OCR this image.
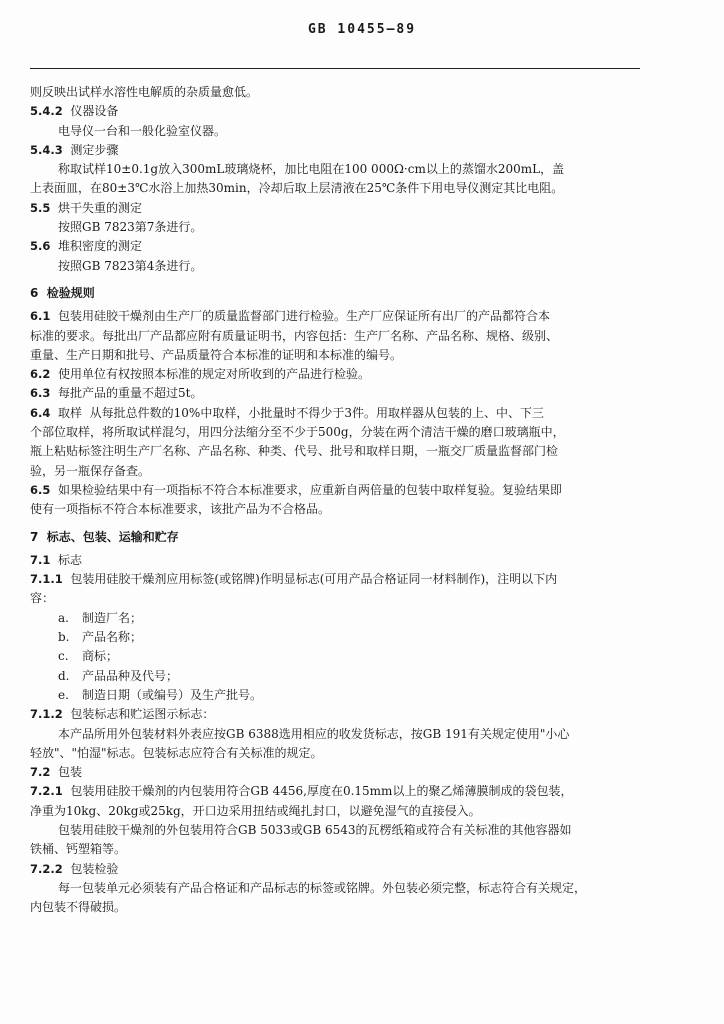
GB 10455—89

则反映出试样水溶性电解质的杂质量愈低。

5.4.2 仪器设备

电导仪一台和一般化验室仪器。

5.4.3 测定步骤

称取试样10±0.1g放入300mL玻璃烧杯，加比电阻在100 000Ω·cm以上的蒸馏水200mL，盖

上表面皿，在80±3℃水浴上加热30min，冷却后取上层清液在25℃条件下用电导仪测定其比电阻。

5.5 烘干失重的测定

按照GB 7823第7条进行。

5.6 堆积密度的测定

按照GB 7823第4条进行。

6 检验规则

6.1 包装用硅胶干燥剂由生产厂的质量监督部门进行检验。生产厂应保证所有出厂的产品都符合本

标准的要求。每批出厂产品都应附有质量证明书，内容包括：生产厂名称、产品名称、规格、级别、

重量、生产日期和批号、产品质量符合本标准的证明和本标准的编号。

6.2 使用单位有权按照本标准的规定对所收到的产品进行检验。

6.3 每批产品的重量不超过5t。

6.4 取样  从每批总件数的10%中取样，小批量时不得少于3件。用取样器从包装的上、中、下三

个部位取样，将所取试样混匀，用四分法缩分至不少于500g，分装在两个清洁干燥的磨口玻璃瓶中，

瓶上粘贴标签注明生产厂名称、产品名称、种类、代号、批号和取样日期，一瓶交厂质量监督部门检

验，另一瓶保存备查。

6.5 如果检验结果中有一项指标不符合本标准要求，应重新自两倍量的包装中取样复验。复验结果即

使有一项指标不符合本标准要求，该批产品为不合格品。

7 标志、包装、运输和贮存

7.1 标志

7.1.1 包装用硅胶干燥剂应用标签(或铭牌)作明显标志(可用产品合格证同一材料制作)，注明以下内

容：

a. 制造厂名；

b. 产品名称；

c. 商标；

d. 产品品种及代号；

e. 制造日期（或编号）及生产批号。

7.1.2 包装标志和贮运图示标志：

本产品所用外包装材料外表应按GB 6388选用相应的收发货标志，按GB 191有关规定使用"小心

轻放"、"怕湿"标志。包装标志应符合有关标准的规定。

7.2 包装

7.2.1 包装用硅胶干燥剂的内包装用符合GB 4456,厚度在0.15mm以上的聚乙烯薄膜制成的袋包装，

净重为10kg、20kg或25kg，开口边采用扭结或绳扎封口，以避免湿气的直接侵入。

包装用硅胶干燥剂的外包装用符合GB 5033或GB 6543的瓦楞纸箱或符合有关标准的其他容器如

铁桶、钙塑箱等。

7.2.2 包装检验

每一包装单元必须装有产品合格证和产品标志的标签或铭牌。外包装必须完整，标志符合有关规定，

内包装不得破损。
